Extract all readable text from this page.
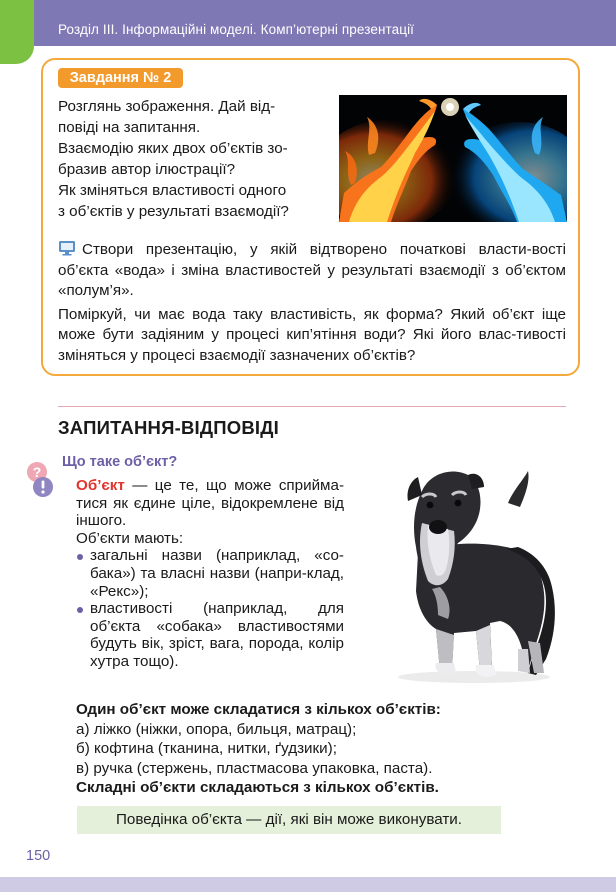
Розділ ІІІ. Інформаційні моделі. Комп’ютерні презентації
Завдання № 2

Розглянь зображення. Дай від-

повіді на запитання.

Взаємодію яких двох об’єктів зо-

бразив автор ілюстрації?

Як зміняться властивості одного

з об’єктів у результаті взаємодії?

Створи презентацію, у якій відтворено початкові власти-вості об’єкта «вода» і зміна властивостей у результаті взаємодії з об’єктом «полум’я».

Поміркуй, чи має вода таку властивість, як форма? Який об’єкт іще може бути задіяним у процесі кип’ятіння води? Які його влас-тивості зміняться у процесі взаємодії зазначених об’єктів?

ЗАПИТАННЯ-ВІДПОВІДІ
?
Що таке об’єкт?

Об’єкт — це те, що може сприйма-тися як єдине ціле, відокремлене від іншого.

Об’єкти мають:

загальні назви (наприклад, «со-бака») та власні назви (напри-клад, «Рекс»);
властивості (наприклад, для об’єкта «собака» властивостями будуть вік, зріст, вага, порода, колір хутра тощо).

Один об’єкт може складатися з кількох об’єктів:

а) ліжко (ніжки, опора, бильця, матрац);

б) кофтина (тканина, нитки, ґудзики);

в) ручка (стержень, пластмасова упаковка, паста).

Складні об’єкти складаються з кількох об’єктів.

Поведінка об’єкта — дії, які він може виконувати.
150
